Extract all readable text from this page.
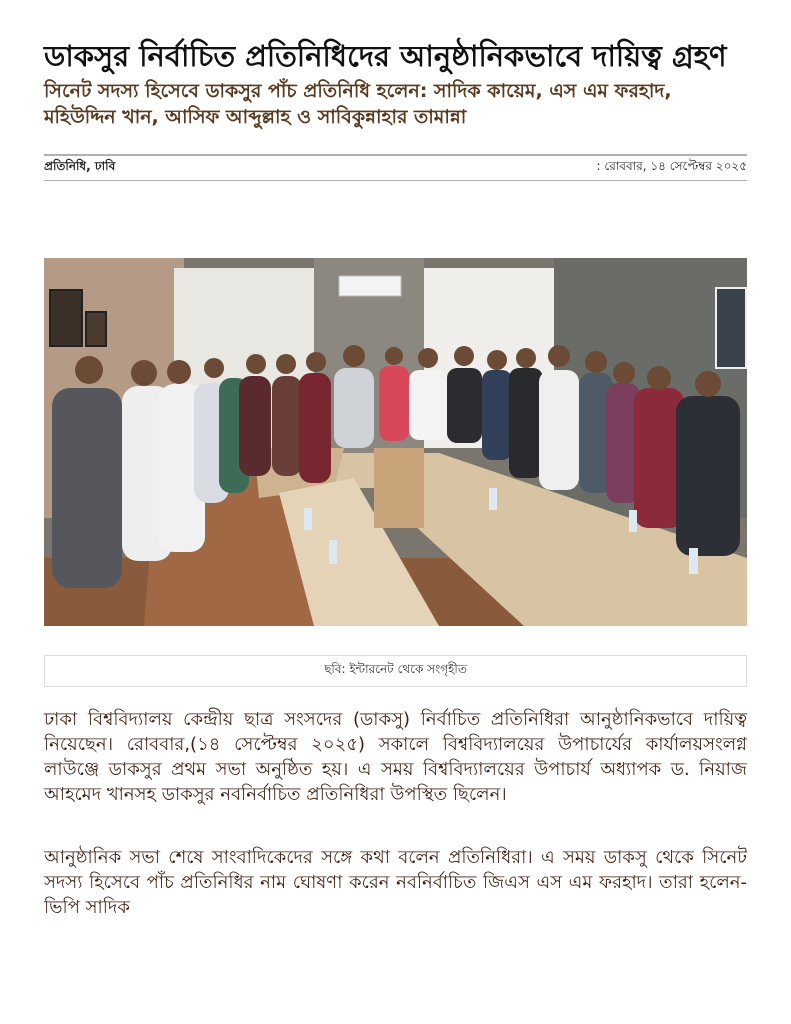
ডাকসুর নির্বাচিত প্রতিনিধিদের আনুষ্ঠানিকভাবে দায়িত্ব গ্রহণ
সিনেট সদস্য হিসেবে ডাকসুর পাঁচ প্রতিনিধি হলেন: সাদিক কায়েম, এস এম ফরহাদ, মহিউদ্দিন খান, আসিফ আব্দুল্লাহ ও সাবিকুন্নাহার তামান্না
প্রতিনিধি, ঢাবি	: রোববার, ১৪ সেপ্টেম্বর ২০২৫
ছবি: ইন্টারনেট থেকে সংগৃহীত

ঢাকা বিশ্ববিদ্যালয় কেন্দ্রীয় ছাত্র সংসদের (ডাকসু) নির্বাচিত প্রতিনিধিরা আনুষ্ঠানিকভাবে দায়িত্ব নিয়েছেন। রোববার,(১৪ সেপ্টেম্বর ২০২৫) সকালে বিশ্ববিদ্যালয়ের উপাচার্যের কার্যালয়সংলগ্ন লাউঞ্জে ডাকসুর প্রথম সভা অনুষ্ঠিত হয়। এ সময় বিশ্ববিদ্যালয়ের উপাচার্য অধ্যাপক ড. নিয়াজ আহমেদ খানসহ ডাকসুর নবনির্বাচিত প্রতিনিধিরা উপস্থিত ছিলেন।

আনুষ্ঠানিক সভা শেষে সাংবাদিকেদের সঙ্গে কথা বলেন প্রতিনিধিরা। এ সময় ডাকসু থেকে সিনেট সদস্য হিসেবে পাঁচ প্রতিনিধির নাম ঘোষণা করেন নবনির্বাচিত জিএস এস এম ফরহাদ। তারা হলেন- ভিপি সাদিক
